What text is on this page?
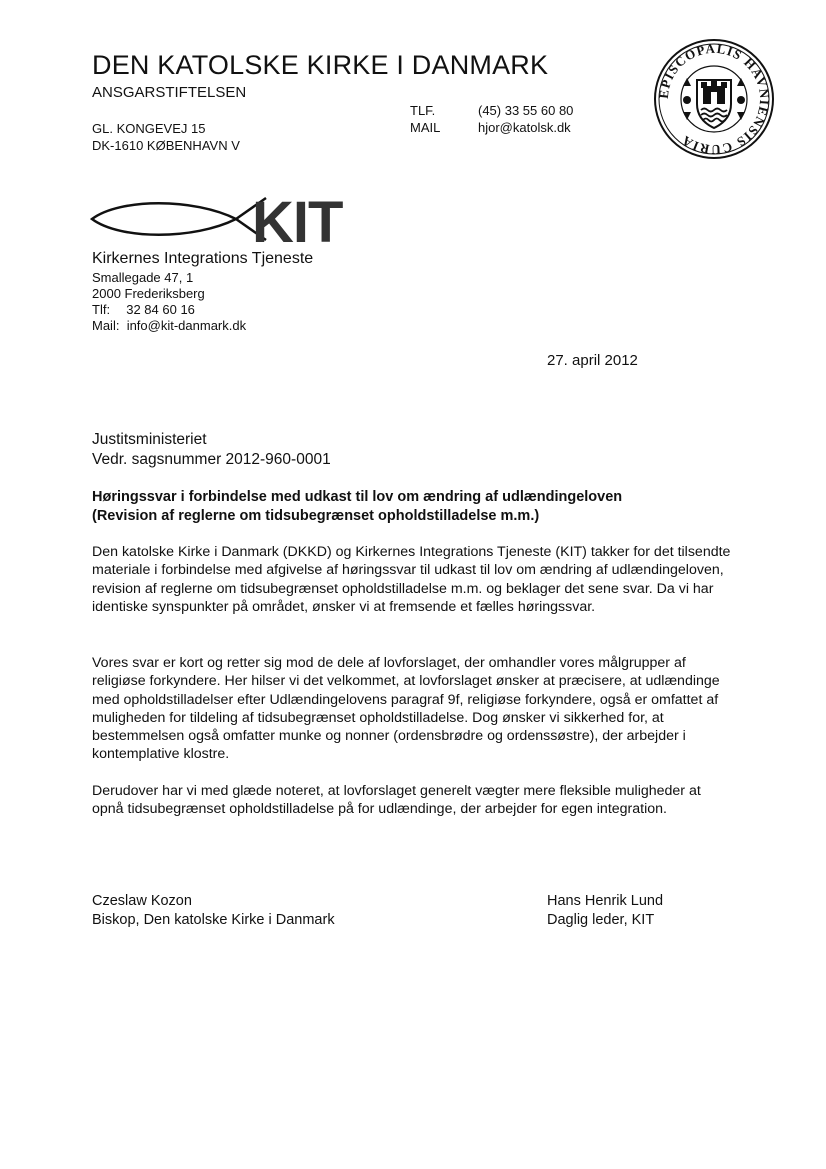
DEN KATOLSKE KIRKE I DANMARK
ANSGARSTIFTELSEN
GL. KONGEVEJ 15
DK-1610 KØBENHAVN V
TLF.	(45) 33 55 60 80
MAIL	hjor@katolsk.dk
EPISCOPALIS HAVNIENSIS CURIA
KIT
Kirkernes Integrations Tjeneste
Smallegade 47, 1
2000 Frederiksberg
Tlf: 32 84 60 16
Mail: info@kit-danmark.dk
27. april 2012
Justitsministeriet
Vedr. sagsnummer 2012-960-0001
Høringssvar i forbindelse med udkast til lov om ændring af udlændingeloven
(Revision af reglerne om tidsubegrænset opholdstilladelse m.m.)
Den katolske Kirke i Danmark (DKKD) og Kirkernes Integrations Tjeneste (KIT) takker for det tilsendte materiale i forbindelse med afgivelse af høringssvar til udkast til lov om ændring af udlændingeloven, revision af reglerne om tidsubegrænset opholdstilladelse m.m. og beklager det sene svar. Da vi har identiske synspunkter på området, ønsker vi at fremsende et fælles høringssvar.
Vores svar er kort og retter sig mod de dele af lovforslaget, der omhandler vores målgrupper af religiøse forkyndere. Her hilser vi det velkommet, at lovforslaget ønsker at præcisere, at udlændinge med opholdstilladelser efter Udlændingelovens paragraf 9f, religiøse forkyndere, også er omfattet af muligheden for tildeling af tidsubegrænset opholdstilladelse. Dog ønsker vi sikkerhed for, at bestemmelsen også omfatter munke og nonner (ordensbrødre og ordenssøstre), der arbejder i kontemplative klostre.
Derudover har vi med glæde noteret, at lovforslaget generelt vægter mere fleksible muligheder at opnå tidsubegrænset opholdstilladelse på for udlændinge, der arbejder for egen integration.
Czeslaw Kozon
Biskop, Den katolske Kirke i Danmark
Hans Henrik Lund
Daglig leder, KIT
